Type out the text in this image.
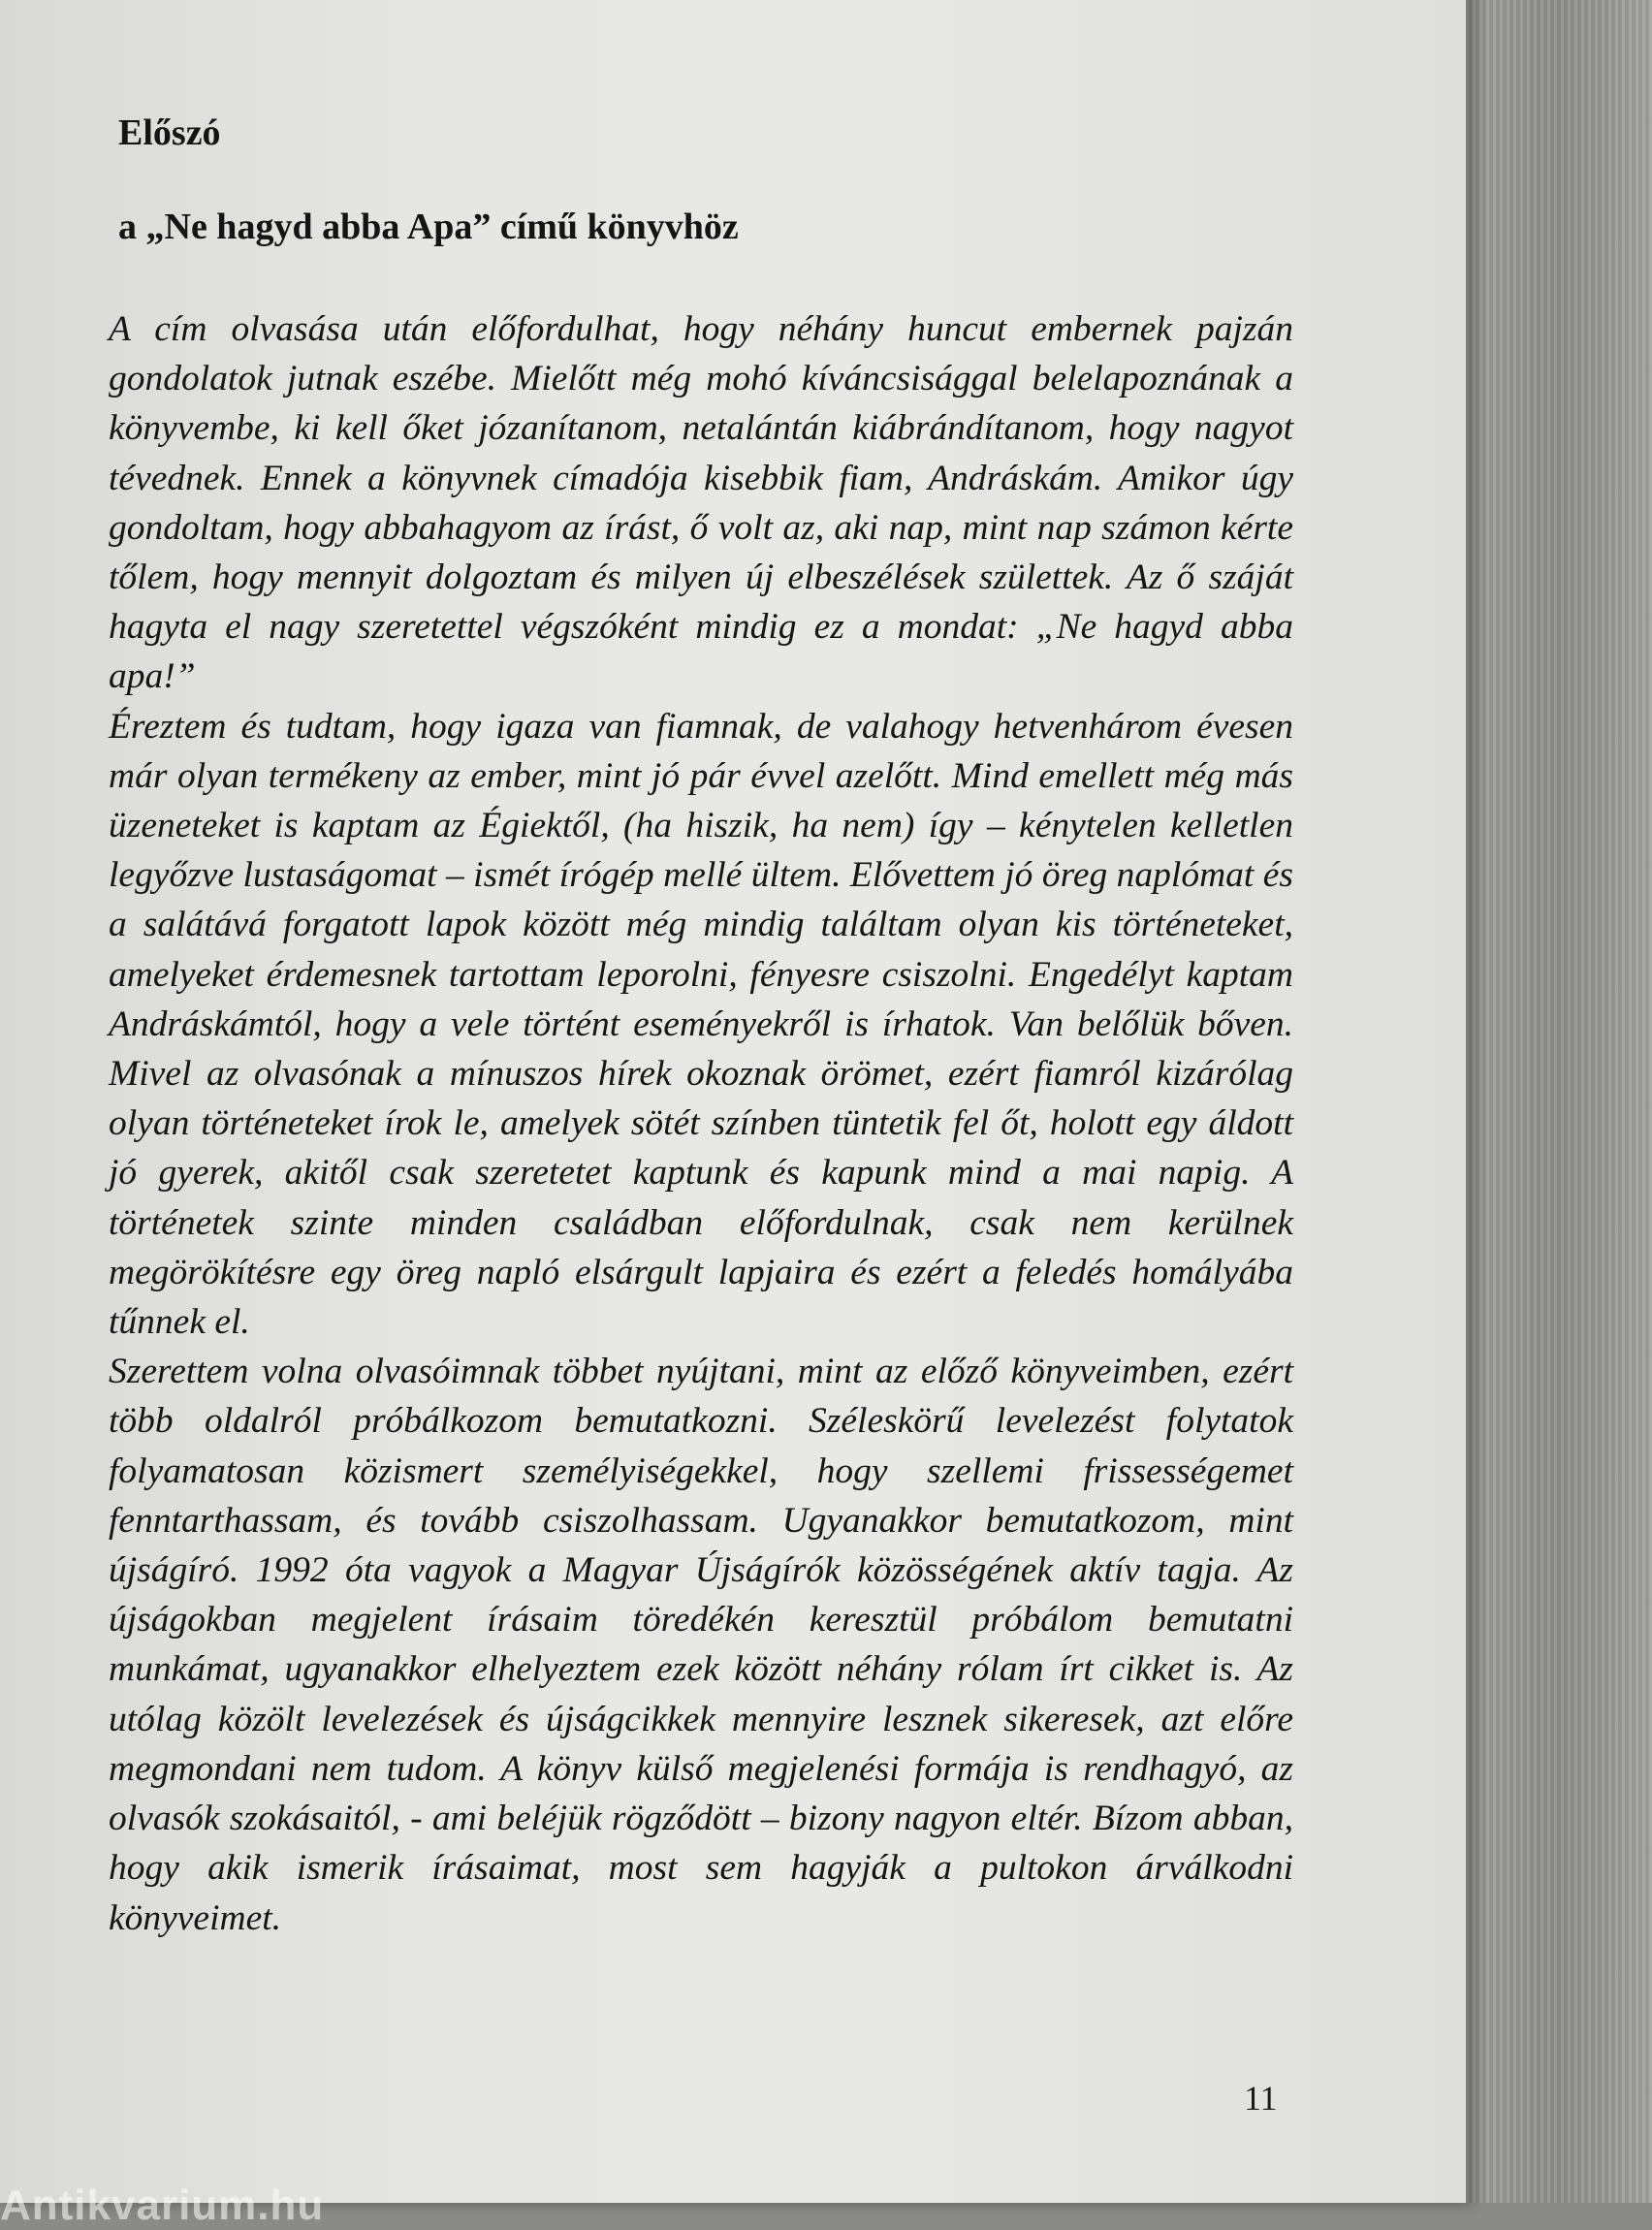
Előszó
a „Ne hagyd abba Apa” című könyvhöz

A cím olvasása után előfordulhat, hogy néhány huncut embernek pajzán gondolatok jutnak eszébe. Mielőtt még mohó kíváncsisággal belelapoznának a könyvembe, ki kell őket józanítanom, netalántán kiábrándítanom, hogy nagyot tévednek. Ennek a könyvnek címadója kisebbik fiam, Andráskám. Amikor úgy gondoltam, hogy abbahagyom az írást, ő volt az, aki nap, mint nap számon kérte tőlem, hogy mennyit dolgoztam és milyen új elbeszélések születtek. Az ő száját hagyta el nagy szeretettel végszóként mindig ez a mondat: „Ne hagyd abba apa!”

Éreztem és tudtam, hogy igaza van fiamnak, de valahogy hetvenhárom évesen már olyan termékeny az ember, mint jó pár évvel azelőtt. Mind emellett még más üzeneteket is kaptam az Égiektől, (ha hiszik, ha nem) így – kénytelen kelletlen legyőzve lustaságomat – ismét írógép mellé ültem. Elővettem jó öreg naplómat és a salátává forgatott lapok között még mindig találtam olyan kis történeteket, amelyeket érdemesnek tartottam leporolni, fényesre csiszolni. Engedélyt kaptam Andráskámtól, hogy a vele történt eseményekről is írhatok. Van belőlük bőven. Mivel az olvasónak a mínuszos hírek okoznak örömet, ezért fiamról kizárólag olyan történeteket írok le, amelyek sötét színben tüntetik fel őt, holott egy áldott jó gyerek, akitől csak szeretetet kaptunk és kapunk mind a mai napig. A történetek szinte minden családban előfordulnak, csak nem kerülnek megörökítésre egy öreg napló elsárgult lapjaira és ezért a feledés homályába tűnnek el.

Szerettem volna olvasóimnak többet nyújtani, mint az előző könyveimben, ezért több oldalról próbálkozom bemutatkozni. Széleskörű levelezést folytatok folyamatosan közismert személyiségekkel, hogy szellemi frissességemet fenntarthassam, és tovább csiszolhassam. Ugyanakkor bemutatkozom, mint újságíró. 1992 óta vagyok a Magyar Újságírók közösségének aktív tagja. Az újságokban megjelent írásaim töredékén keresztül próbálom bemutatni munkámat, ugyanakkor elhelyeztem ezek között néhány rólam írt cikket is. Az utólag közölt levelezések és újságcikkek mennyire lesznek sikeresek, azt előre megmondani nem tudom. A könyv külső megjelenési formája is rendhagyó, az olvasók szokásaitól, - ami beléjük rögződött – bizony nagyon eltér. Bízom abban, hogy akik ismerik írásaimat, most sem hagyják a pultokon árválkodni könyveimet.

11
Antikvarium.hu
